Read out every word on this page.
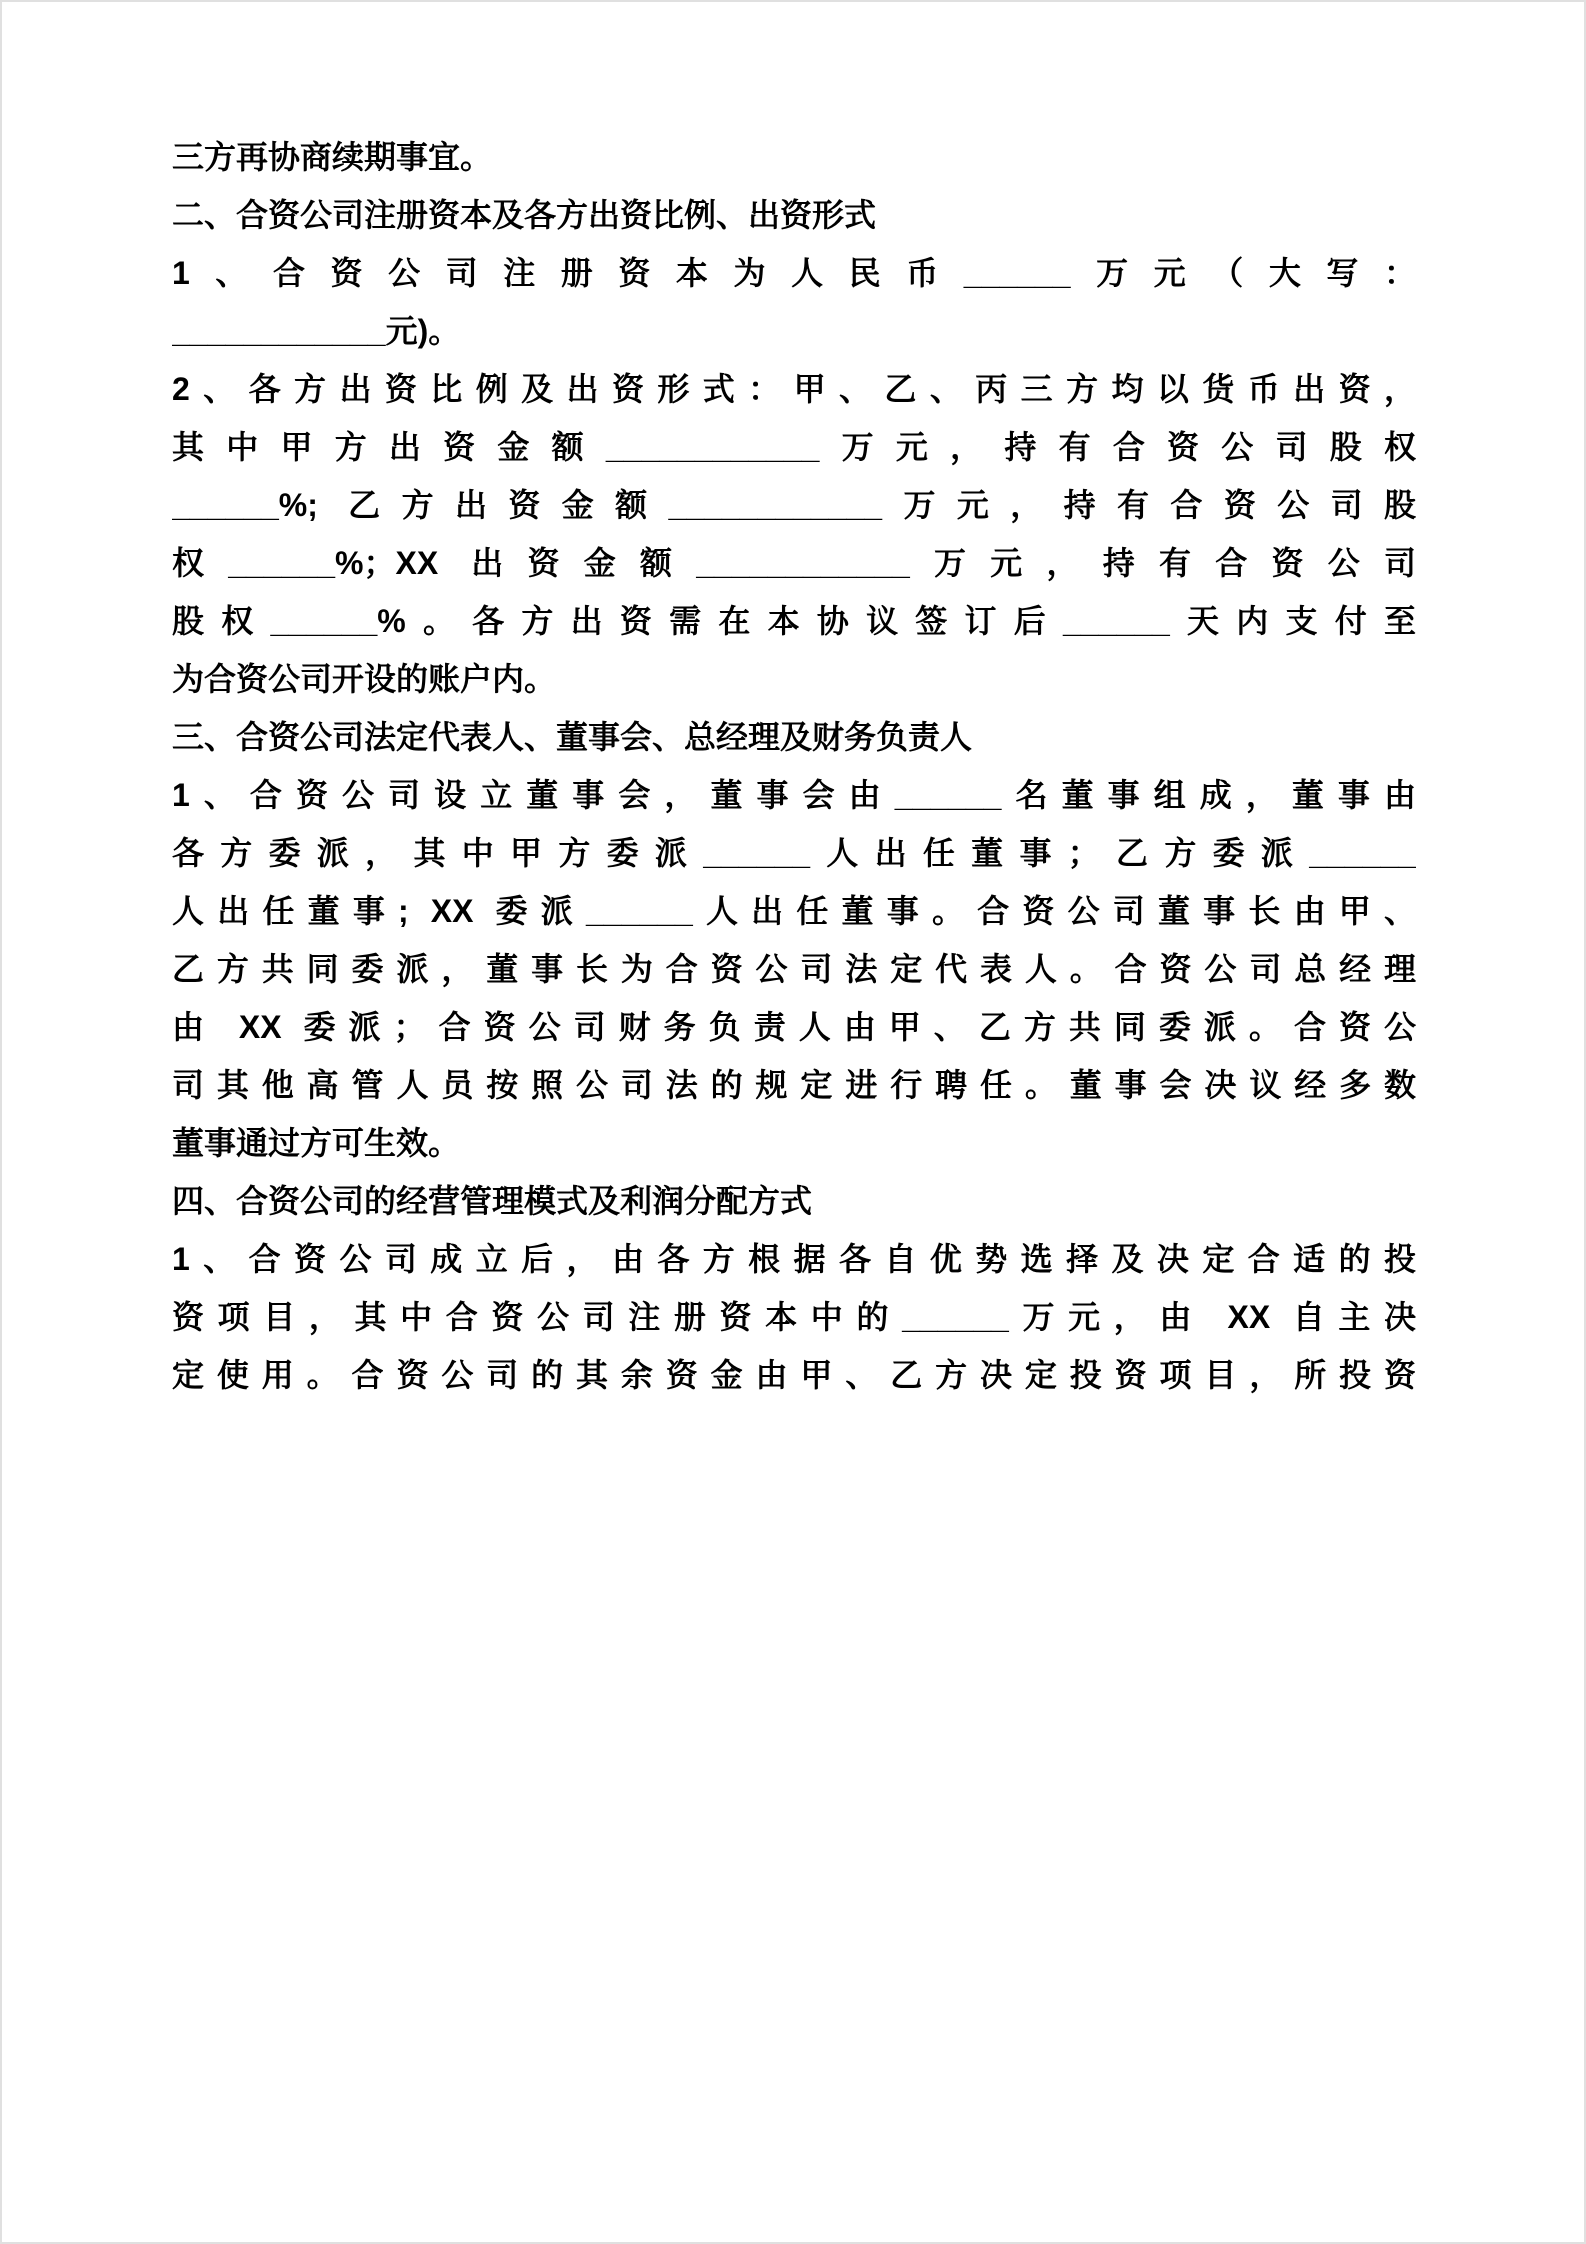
三方再协商续期事宜。
二、合资公司注册资本及各方出资比例、出资形式
1、合资公司注册资本为人民币______万元（大写：
____________元)。
2、各方出资比例及出资形式：甲、乙、丙三方均以货币出资，
其中甲方出资金额____________万元，持有合资公司股权
______%; 乙方出资金额____________万元，持有合资公司股
权______%；XX 出资金额____________万元，持有合资公司
股权______%。各方出资需在本协议签订后______天内支付至
为合资公司开设的账户内。
三、合资公司法定代表人、董事会、总经理及财务负责人
1、合资公司设立董事会，董事会由______名董事组成，董事由
各方委派，其中甲方委派______人出任董事；乙方委派______
人出任董事; XX 委派______人出任董事。合资公司董事长由甲、
乙方共同委派，董事长为合资公司法定代表人。合资公司总经理
由 XX 委派；合资公司财务负责人由甲、乙方共同委派。合资公
司其他高管人员按照公司法的规定进行聘任。董事会决议经多数
董事通过方可生效。
四、合资公司的经营管理模式及利润分配方式
1、合资公司成立后，由各方根据各自优势选择及决定合适的投
资项目，其中合资公司注册资本中的______万元，由 XX 自主决
定使用。合资公司的其余资金由甲、乙方决定投资项目，所投资
